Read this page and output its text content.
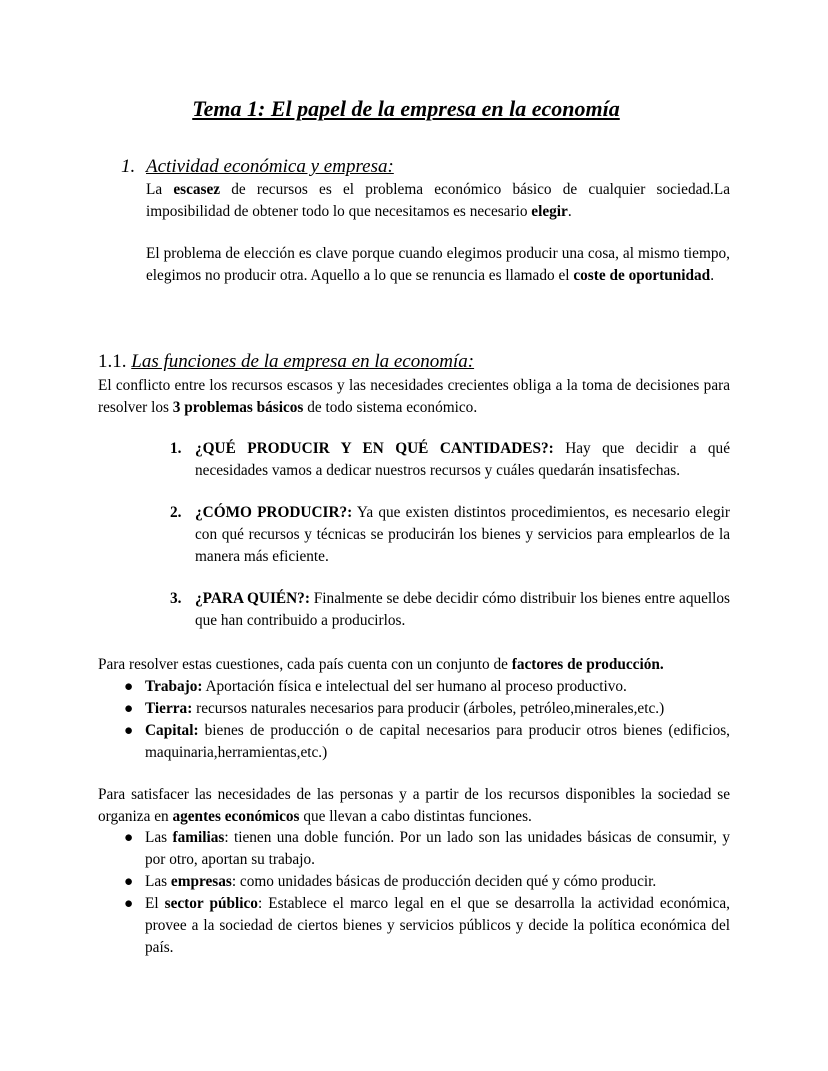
Tema 1: El papel de la empresa en la economía
1. Actividad económica y empresa:

La escasez de recursos es el problema económico básico de cualquier sociedad.La imposibilidad de obtener todo lo que necesitamos es necesario elegir.

El problema de elección es clave porque cuando elegimos producir una cosa, al mismo tiempo, elegimos no producir otra. Aquello a lo que se renuncia es llamado el coste de oportunidad.

1.1. Las funciones de la empresa en la economía:

El conflicto entre los recursos escasos y las necesidades crecientes obliga a la toma de decisiones para resolver los 3 problemas básicos de todo sistema económico.

1. ¿QUÉ PRODUCIR Y EN QUÉ CANTIDADES?: Hay que decidir a qué necesidades vamos a dedicar nuestros recursos y cuáles quedarán insatisfechas.
2. ¿CÓMO PRODUCIR?: Ya que existen distintos procedimientos, es necesario elegir con qué recursos y técnicas se producirán los bienes y servicios para emplearlos de la manera más eficiente.
3. ¿PARA QUIÉN?: Finalmente se debe decidir cómo distribuir los bienes entre aquellos que han contribuido a producirlos.

Para resolver estas cuestiones, cada país cuenta con un conjunto de factores de producción.

● Trabajo: Aportación física e intelectual del ser humano al proceso productivo.
● Tierra: recursos naturales necesarios para producir (árboles, petróleo,minerales,etc.)
● Capital: bienes de producción o de capital necesarios para producir otros bienes (edificios, maquinaria,herramientas,etc.)

Para satisfacer las necesidades de las personas y a partir de los recursos disponibles la sociedad se organiza en agentes económicos que llevan a cabo distintas funciones.

● Las familias: tienen una doble función. Por un lado son las unidades básicas de consumir, y por otro, aportan su trabajo.
● Las empresas: como unidades básicas de producción deciden qué y cómo producir.
● El sector público: Establece el marco legal en el que se desarrolla la actividad económica, provee a la sociedad de ciertos bienes y servicios públicos y decide la política económica del país.
